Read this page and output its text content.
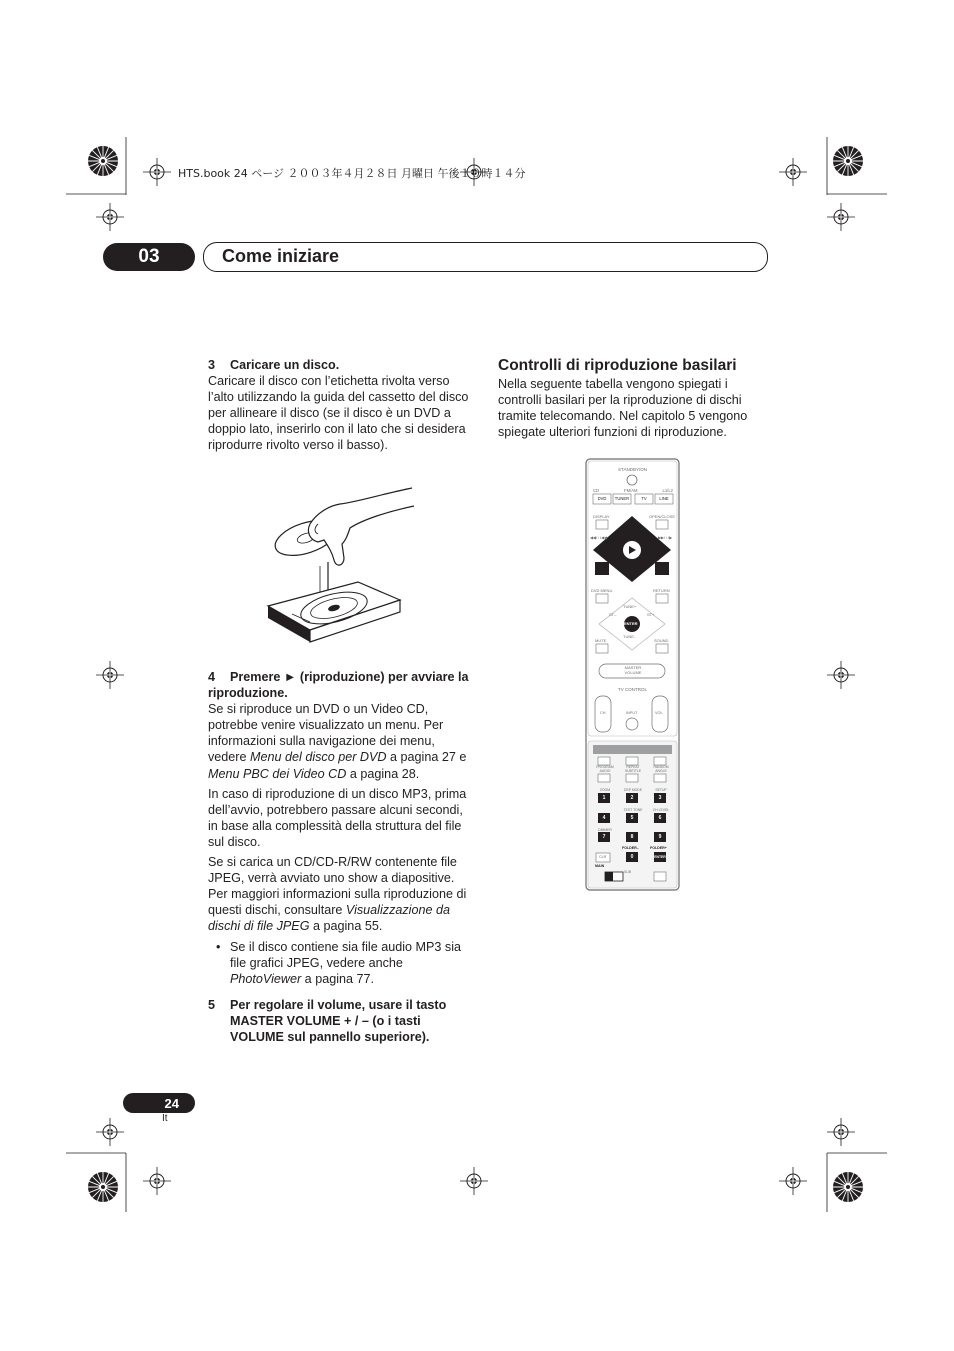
HTS.book 24 ページ ２００３年４月２８日 月曜日 午後１０時１４分
03	Come iniziare
3 Caricare un disco.

Caricare il disco con l’etichetta rivolta verso l’alto utilizzando la guida del cassetto del disco per allineare il disco (se il disco è un DVD a doppio lato, inserirlo con il lato che si desidera riprodurre rivolto verso il basso).

4 Premere ► (riproduzione) per avviare la riproduzione.

Se si riproduce un DVD o un Video CD, potrebbe venire visualizzato un menu. Per informazioni sulla navigazione dei menu, vedere Menu del disco per DVD a pagina 27 e Menu PBC dei Video CD a pagina 28.

In caso di riproduzione di un disco MP3, prima dell’avvio, potrebbero passare alcuni secondi, in base alla complessità della struttura del file sul disco.

Se si carica un CD/CD-R/RW contenente file JPEG, verrà avviato uno show a diapositive. Per maggiori informazioni sulla riproduzione di questi dischi, consultare Visualizzazione da dischi di file JPEG a pagina 55.

• Se il disco contiene sia file audio MP3 sia file grafici JPEG, vedere anche PhotoViewer a pagina 77.
5	Per regolare il volume, usare il tasto MASTER VOLUME + / – (o i tasti VOLUME sul pannello superiore).
Controlli di riproduzione basilari
Nella seguente tabella vengono spiegati i controlli basilari per la riproduzione di dischi tramite telecomando. Nel capitolo 5 vengono spiegate ulteriori funzioni di riproduzione.
STANDBY/ON
CD	FM/AM	L1/L2
DVD	TUNER	TV	LINE
DISPLAY	OPEN/CLOSE
◀◀I / I◀◀	▶▶I / I▶
DVD MENU	RETURN
TUNE+
ST–	ST+
ENTER
TUNE-
MUTE	SOUND
MASTER VOLUME
TV CONTROL
CH	INPUT	VOL
PROGRAM AUDIO
REPEAT SUBTITLE
RANDOM ANGLE
ZOOM	DSP MODE	SETUP
TEST TONE	CH LEVEL
DIMMER
1	2	3
4	5	6
7	8	9
0	ENTER
FOLDER–	FOLDER+
CLR
MAIN
SUB
24
It
